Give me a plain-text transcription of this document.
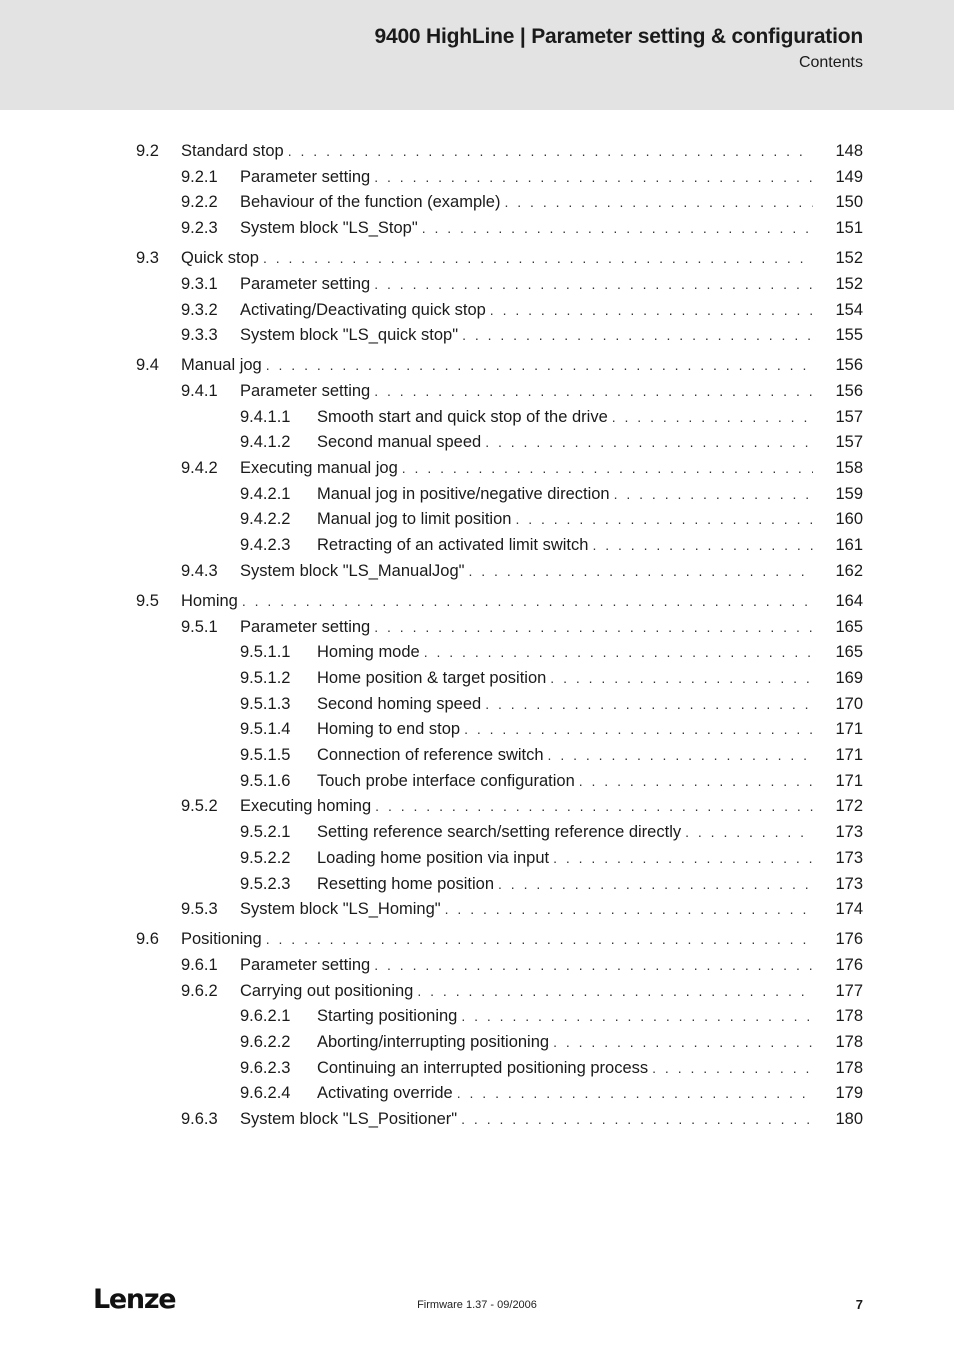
9400 HighLine | Parameter setting & configuration
Contents
9.2 Standard stop . . .	148
9.2.1 Parameter setting . . .	149
9.2.2 Behaviour of the function (example) . . .	150
9.2.3 System block "LS_Stop" . . .	151
9.3 Quick stop . . .	152
9.3.1 Parameter setting . . .	152
9.3.2 Activating/Deactivating quick stop . . .	154
9.3.3 System block "LS_quick stop" . . .	155
9.4 Manual jog . . .	156
9.4.1 Parameter setting . . .	156
9.4.1.1 Smooth start and quick stop of the drive . . .	157
9.4.1.2 Second manual speed . . .	157
9.4.2 Executing manual jog . . .	158
9.4.2.1 Manual jog in positive/negative direction . . .	159
9.4.2.2 Manual jog to limit position . . .	160
9.4.2.3 Retracting of an activated limit switch . . .	161
9.4.3 System block "LS_ManualJog" . . .	162
9.5 Homing . . .	164
9.5.1 Parameter setting . . .	165
9.5.1.1 Homing mode . . .	165
9.5.1.2 Home position & target position . . .	169
9.5.1.3 Second homing speed . . .	170
9.5.1.4 Homing to end stop . . .	171
9.5.1.5 Connection of reference switch . . .	171
9.5.1.6 Touch probe interface configuration . . .	171
9.5.2 Executing homing . . .	172
9.5.2.1 Setting reference search/setting reference directly . . .	173
9.5.2.2 Loading home position via input . . .	173
9.5.2.3 Resetting home position . . .	173
9.5.3 System block "LS_Homing" . . .	174
9.6 Positioning . . .	176
9.6.1 Parameter setting . . .	176
9.6.2 Carrying out positioning . . .	177
9.6.2.1 Starting positioning . . .	178
9.6.2.2 Aborting/interrupting positioning . . .	178
9.6.2.3 Continuing an interrupted positioning process . . .	178
9.6.2.4 Activating override . . .	179
9.6.3 System block "LS_Positioner" . . .	180
Lenze	Firmware 1.37 - 09/2006	7
